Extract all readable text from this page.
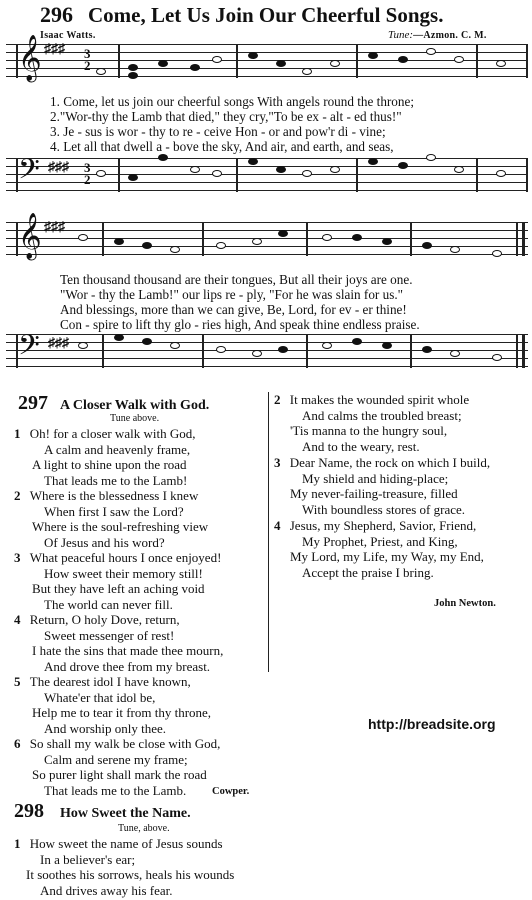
296 Come, Let Us Join Our Cheerful Songs.
Isaac Watts.	Tune:—Azmon. C. M.
𝄞 ♯♯♯ 3
2
1. Come, let us join our cheerful songs With angels round the throne;
2."Wor-thy the Lamb that died," they cry,"To be ex - alt - ed thus!"
3. Je - sus is wor - thy to re - ceive Hon - or and pow'r di - vine;
4. Let all that dwell a - bove the sky, And air, and earth, and seas,
𝄢 ♯♯♯ 3
2
𝄞 ♯♯♯
Ten thousand thousand are their tongues, But all their joys are one.
"Wor - thy the Lamb!" our lips re - ply, "For he was slain for us."
And blessings, more than we can give, Be, Lord, for ev - er thine!
Con - spire to lift thy glo - ries high, And speak thine endless praise.
𝄢 ♯♯♯
297 A Closer Walk with God.
Tune above.
1 Oh! for a closer walk with God,
A calm and heavenly frame,
A light to shine upon the road
That leads me to the Lamb!
2 Where is the blessedness I knew
When first I saw the Lord?
Where is the soul-refreshing view
Of Jesus and his word?
3 What peaceful hours I once enjoyed!
How sweet their memory still!
But they have left an aching void
The world can never fill.
4 Return, O holy Dove, return,
Sweet messenger of rest!
I hate the sins that made thee mourn,
And drove thee from my breast.
5 The dearest idol I have known,
Whate'er that idol be,
Help me to tear it from thy throne,
And worship only thee.
6 So shall my walk be close with God,
Calm and serene my frame;
So purer light shall mark the road
That leads me to the Lamb.	Cowper.
298 How Sweet the Name.
Tune, above.
1 How sweet the name of Jesus sounds
In a believer's ear;
It soothes his sorrows, heals his wounds
And drives away his fear.
2 It makes the wounded spirit whole
And calms the troubled breast;
'Tis manna to the hungry soul,
And to the weary, rest.
3 Dear Name, the rock on which I build,
My shield and hiding-place;
My never-failing-treasure, filled
With boundless stores of grace.
4 Jesus, my Shepherd, Savior, Friend,
My Prophet, Priest, and King,
My Lord, my Life, my Way, my End,
Accept the praise I bring.
John Newton.
http://breadsite.org
